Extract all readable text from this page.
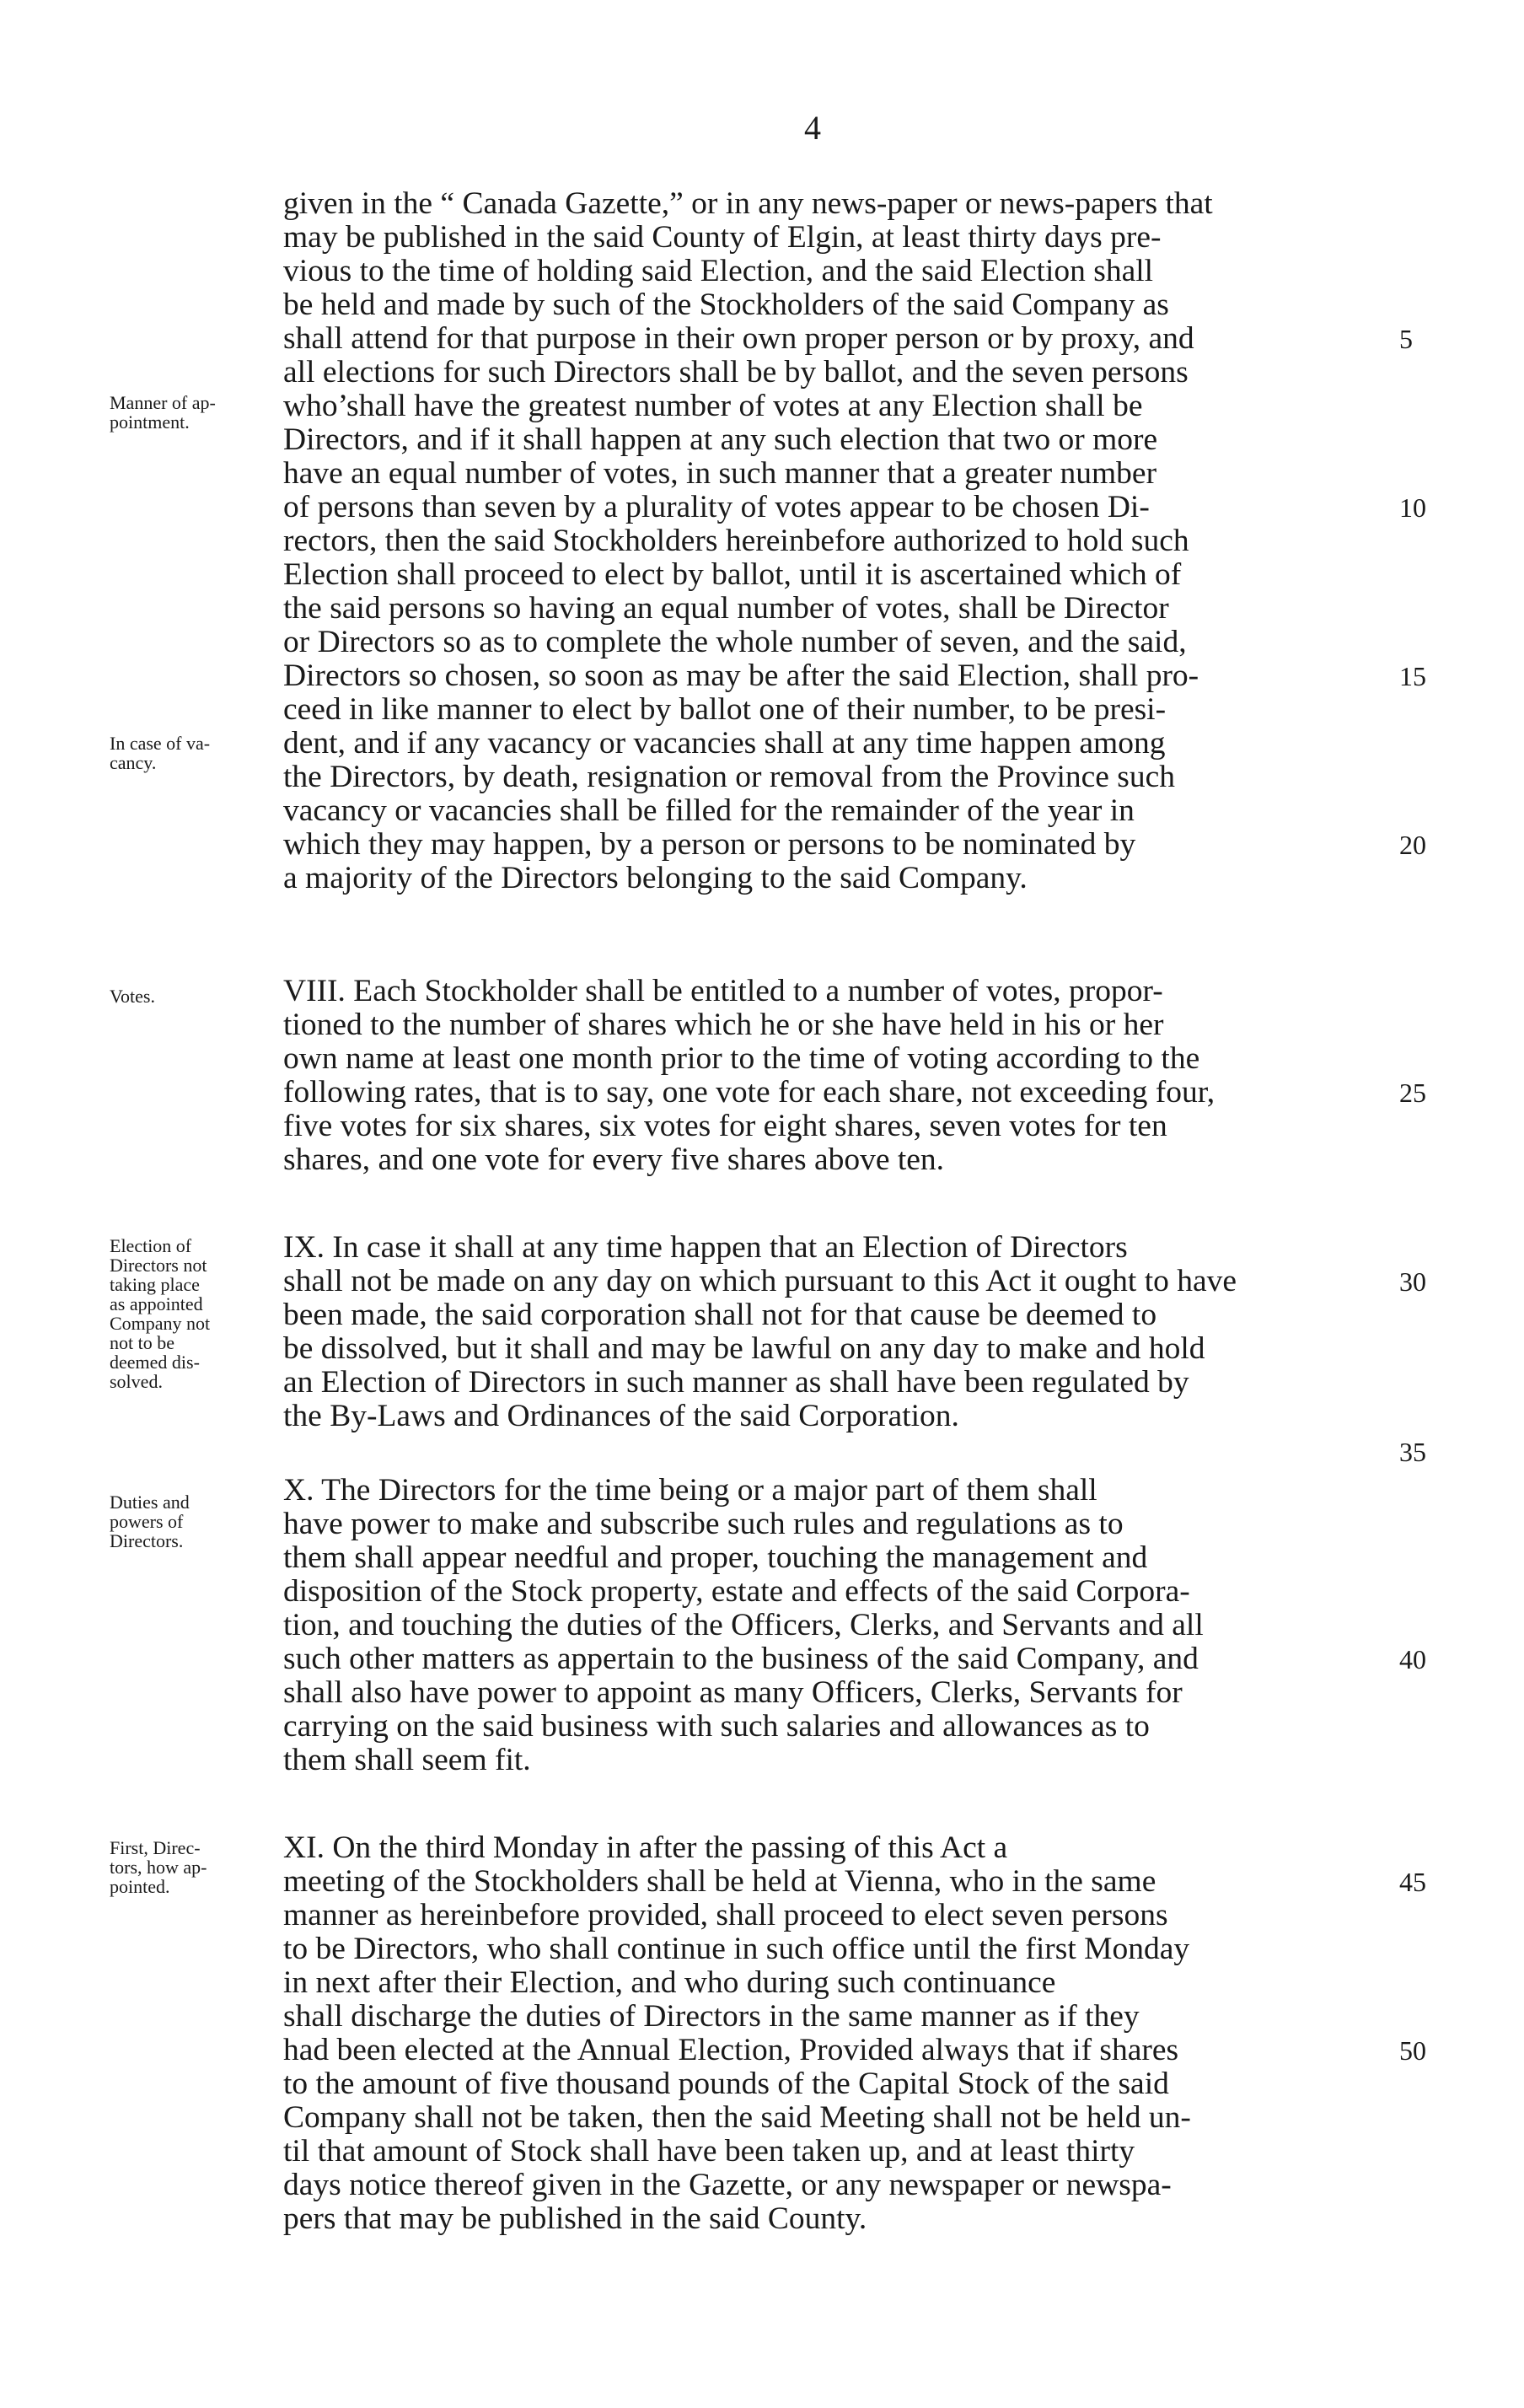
4
given in the “ Canada Gazette,” or in any news-paper or news-papers that
may be published in the said County of Elgin, at least thirty days pre-
vious to the time of holding said Election, and the said Election shall
be held and made by such of the Stockholders of the said Company as
shall attend for that purpose in their own proper person or by proxy, and	5
all elections for such Directors shall be by ballot, and the seven persons
who’shall have the greatest number of votes at any Election shall be
Directors, and if it shall happen at any such election that two or more
have an equal number of votes, in such manner that a greater number
of persons than seven by a plurality of votes appear to be chosen Di-	10
rectors, then the said Stockholders hereinbefore authorized to hold such
Election shall proceed to elect by ballot, until it is ascertained which of
the said persons so having an equal number of votes, shall be Director
or Directors so as to complete the whole number of seven, and the said,
Directors so chosen, so soon as may be after the said Election, shall pro-	15
ceed in like manner to elect by ballot one of their number, to be presi-
dent, and if any vacancy or vacancies shall at any time happen among
the Directors, by death, resignation or removal from the Province such
vacancy or vacancies shall be filled for the remainder of the year in
which they may happen, by a person or persons to be nominated by	20
a majority of the Directors belonging to the said Company.
VIII. Each Stockholder shall be entitled to a number of votes, propor-
tioned to the number of shares which he or she have held in his or her
own name at least one month prior to the time of voting according to the
following rates, that is to say, one vote for each share, not exceeding four,	25
five votes for six shares, six votes for eight shares, seven votes for ten
shares, and one vote for every five shares above ten.
IX. In case it shall at any time happen that an Election of Directors
shall not be made on any day on which pursuant to this Act it ought to have	30
been made, the said corporation shall not for that cause be deemed to
be dissolved, but it shall and may be lawful on any day to make and hold
an Election of Directors in such manner as shall have been regulated by
the By-Laws and Ordinances of the said Corporation.
X. The Directors for the time being or a major part of them shall
have power to make and subscribe such rules and regulations as to
them shall appear needful and proper, touching the management and
disposition of the Stock property, estate and effects of the said Corpora-
tion, and touching the duties of the Officers, Clerks, and Servants and all
such other matters as appertain to the business of the said Company, and	40
shall also have power to appoint as many Officers, Clerks, Servants for
carrying on the said business with such salaries and allowances as to
them shall seem fit.
XI. On the third Monday in after the passing of this Act a
meeting of the Stockholders shall be held at Vienna, who in the same	45
manner as hereinbefore provided, shall proceed to elect seven persons
to be Directors, who shall continue in such office until the first Monday
in next after their Election, and who during such continuance
shall discharge the duties of Directors in the same manner as if they
had been elected at the Annual Election, Provided always that if shares	50
to the amount of five thousand pounds of the Capital Stock of the said
Company shall not be taken, then the said Meeting shall not be held un-
til that amount of Stock shall have been taken up, and at least thirty
days notice thereof given in the Gazette, or any newspaper or newspa-
pers that may be published in the said County.
35
Manner of ap-
pointment.
In case of va-
cancy.
Votes.
Election of
Directors not
taking place
as appointed
Company not
not to be
deemed dis-
solved.
Duties and
powers of
Directors.
First, Direc-
tors, how ap-
pointed.
